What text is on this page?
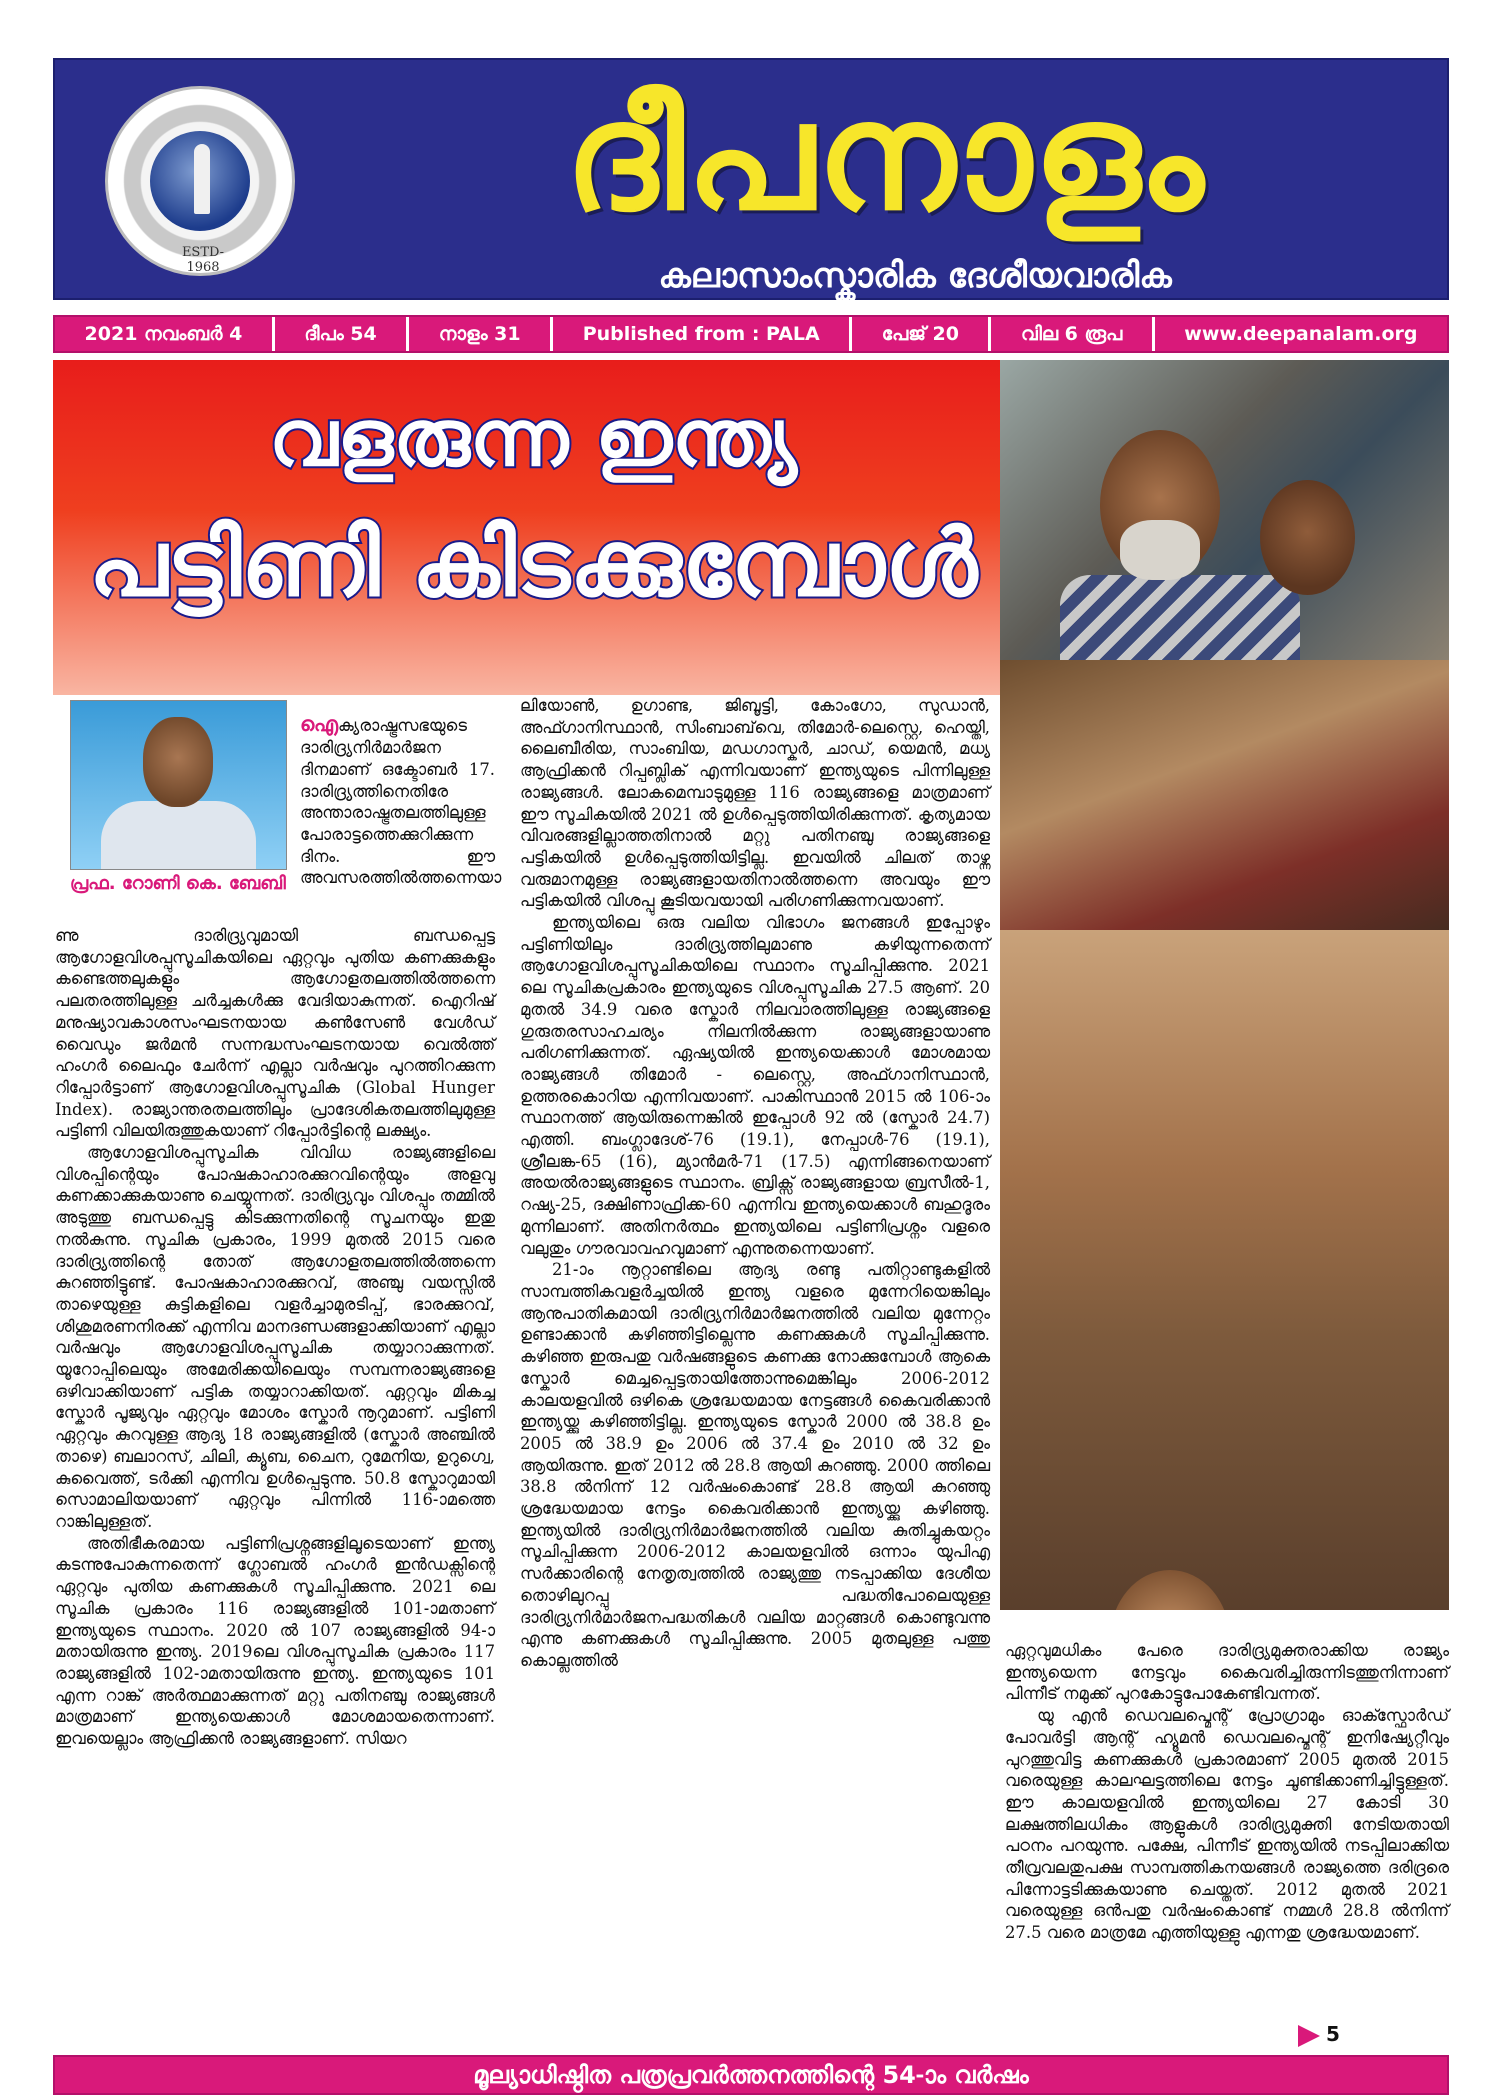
ESTD-1968
ദീപനാളം
കലാസാംസ്കാരിക ദേശീയവാരിക
2021 നവംബർ 4	ദീപം 54	നാളം 31	Published from : PALA	പേജ് 20	വില 6 രൂപ	www.deepanalam.org
വളരുന്ന ഇന്ത്യ
പട്ടിണി കിടക്കുമ്പോൾ
പ്രഫ. റോണി കെ. ബേബി

ഐക്യരാഷ്ട്രസഭയുടെ ദാരിദ്ര്യനിർമാർജന ദിനമാണ് ഒക്ടോബർ 17. ദാരിദ്ര്യത്തിനെതിരേ അന്താരാഷ്ട്രതലത്തിലുള്ള പോരാട്ടത്തെക്കുറിക്കുന്ന ദിനം. ഈ അവസരത്തിൽത്തന്നെയാ

ണു ദാരിദ്ര്യവുമായി ബന്ധപ്പെട്ട ആഗോളവിശപ്പുസൂചികയിലെ ഏറ്റവും പുതിയ കണക്കുകളും കണ്ടെത്തലുകളും ആഗോളതലത്തിൽത്തന്നെ പലതരത്തിലുള്ള ചർച്ചകൾക്കു വേദിയാകുന്നത്. ഐറിഷ് മനുഷ്യാവകാശസംഘടനയായ കൺസേൺ വേൾഡ് വൈഡും ജർമൻ സന്നദ്ധസംഘടനയായ വെൽത്ത് ഹംഗർ ലൈഫും ചേർന്ന് എല്ലാ വർഷവും പുറത്തിറക്കുന്ന റിപ്പോർട്ടാണ് ആഗോളവിശപ്പുസൂചിക (Global Hunger Index). രാജ്യാന്തരതലത്തിലും പ്രാദേശികതലത്തിലുമുള്ള പട്ടിണി വിലയിരുത്തുകയാണ് റിപ്പോർട്ടിന്റെ ലക്ഷ്യം.

ആഗോളവിശപ്പുസൂചിക വിവിധ രാജ്യങ്ങളിലെ വിശപ്പിന്റെയും പോഷകാഹാരക്കുറവിന്റെയും അളവു കണക്കാക്കുകയാണു ചെയ്യുന്നത്. ദാരിദ്ര്യവും വിശപ്പും തമ്മിൽ അടുത്തു ബന്ധപ്പെട്ടു കിടക്കുന്നതിന്റെ സൂചനയും ഇതു നൽകുന്നു. സൂചിക പ്രകാരം, 1999 മുതൽ 2015 വരെ ദാരിദ്ര്യത്തിന്റെ തോത് ആഗോളതലത്തിൽത്തന്നെ കുറഞ്ഞിട്ടുണ്ട്. പോഷകാഹാരക്കുറവ്, അഞ്ചു വയസ്സിൽ താഴെയുള്ള കുട്ടികളിലെ വളർച്ചാമുരടിപ്പ്, ഭാരക്കുറവ്, ശിശുമരണനിരക്ക് എന്നിവ മാനദണ്ഡങ്ങളാക്കിയാണ് എല്ലാ വർഷവും ആഗോളവിശപ്പുസൂചിക തയ്യാറാക്കുന്നത്. യൂറോപ്പിലെയും അമേരിക്കയിലെയും സമ്പന്നരാജ്യങ്ങളെ ഒഴിവാക്കിയാണ് പട്ടിക തയ്യാറാക്കിയത്. ഏറ്റവും മികച്ച സ്കോർ പൂജ്യവും ഏറ്റവും മോശം സ്കോർ നൂറുമാണ്. പട്ടിണി ഏറ്റവും കുറവുള്ള ആദ്യ 18 രാജ്യങ്ങളിൽ (സ്കോർ അഞ്ചിൽ താഴെ) ബലാറസ്, ചിലി, ക്യൂബ, ചൈന, റുമേനിയ, ഉറുഗ്വെ, കുവൈത്ത്, ടർക്കി എന്നിവ ഉൾപ്പെടുന്നു. 50.8 സ്കോറുമായി സൊമാലിയയാണ് ഏറ്റവും പിന്നിൽ 116-ാമത്തെ റാങ്കിലുള്ളത്.

അതിഭീകരമായ പട്ടിണിപ്രശ്നങ്ങളിലൂടെയാണ് ഇന്ത്യ കടന്നുപോകുന്നതെന്ന് ഗ്ലോബൽ ഹംഗർ ഇൻഡക്സിന്റെ ഏറ്റവും പുതിയ കണക്കുകൾ സൂചിപ്പിക്കുന്നു. 2021 ലെ സൂചിക പ്രകാരം 116 രാജ്യങ്ങളിൽ 101-ാമതാണ് ഇന്ത്യയുടെ സ്ഥാനം. 2020 ൽ 107 രാജ്യങ്ങളിൽ 94-ാമതായിരുന്നു ഇന്ത്യ. 2019ലെ വിശപ്പുസൂചിക പ്രകാരം 117 രാജ്യങ്ങളിൽ 102-ാമതായിരുന്നു ഇന്ത്യ. ഇന്ത്യയുടെ 101 എന്ന റാങ്ക് അർത്ഥമാക്കുന്നത് മറ്റു പതിനഞ്ചു രാജ്യങ്ങൾ മാത്രമാണ് ഇന്ത്യയെക്കാൾ മോശമായതെന്നാണ്. ഇവയെല്ലാം ആഫ്രിക്കൻ രാജ്യങ്ങളാണ്. സിയറ

ലിയോൺ, ഉഗാണ്ട, ജിബൂട്ടി, കോംഗോ, സുഡാൻ, അഫ്ഗാനിസ്ഥാൻ, സിംബാബ്‌വെ, തിമോർ-ലെസ്റ്റെ, ഹെയ്തി, ലൈബീരിയ, സാംബിയ, മഡഗാസ്കർ, ചാഡ്, യെമൻ, മധ്യ ആഫ്രിക്കൻ റിപ്പബ്ലിക് എന്നിവയാണ് ഇന്ത്യയുടെ പിന്നിലുള്ള രാജ്യങ്ങൾ. ലോകമെമ്പാടുമുള്ള 116 രാജ്യങ്ങളെ മാത്രമാണ് ഈ സൂചികയിൽ 2021 ൽ ഉൾപ്പെടുത്തിയിരിക്കുന്നത്. കൃത്യമായ വിവരങ്ങളില്ലാത്തതിനാൽ മറ്റു പതിനഞ്ചു രാജ്യങ്ങളെ പട്ടികയിൽ ഉൾപ്പെടുത്തിയിട്ടില്ല. ഇവയിൽ ചിലത് താഴ്ന്ന വരുമാനമുള്ള രാജ്യങ്ങളായതിനാൽത്തന്നെ അവയും ഈ പട്ടികയിൽ വിശപ്പു കൂടിയവയായി പരിഗണിക്കുന്നവയാണ്.

ഇന്ത്യയിലെ ഒരു വലിയ വിഭാഗം ജനങ്ങൾ ഇപ്പോഴും പട്ടിണിയിലും ദാരിദ്ര്യത്തിലുമാണു കഴിയുന്നതെന്ന് ആഗോളവിശപ്പുസൂചികയിലെ സ്ഥാനം സൂചിപ്പിക്കുന്നു. 2021 ലെ സൂചികപ്രകാരം ഇന്ത്യയുടെ വിശപ്പുസൂചിക 27.5 ആണ്. 20 മുതൽ 34.9 വരെ സ്കോർ നിലവാരത്തിലുള്ള രാജ്യങ്ങളെ ഗുരുതരസാഹചര്യം നിലനിൽക്കുന്ന രാജ്യങ്ങളായാണു പരിഗണിക്കുന്നത്. ഏഷ്യയിൽ ഇന്ത്യയെക്കാൾ മോശമായ രാജ്യങ്ങൾ തിമോർ - ലെസ്റ്റെ, അഫ്ഗാനിസ്ഥാൻ, ഉത്തരകൊറിയ എന്നിവയാണ്. പാകിസ്ഥാൻ 2015 ൽ 106-ാം സ്ഥാനത്ത് ആയിരുന്നെങ്കിൽ ഇപ്പോൾ 92 ൽ (സ്കോർ 24.7) എത്തി. ബംഗ്ലാദേശ്-76 (19.1), നേപ്പാൾ-76 (19.1), ശ്രീലങ്ക-65 (16), മ്യാൻമർ-71 (17.5) എന്നിങ്ങനെയാണ് അയൽരാജ്യങ്ങളുടെ സ്ഥാനം. ബ്രിക്സ് രാജ്യങ്ങളായ ബ്രസീൽ-1, റഷ്യ-25, ദക്ഷിണാഫ്രിക്ക-60 എന്നിവ ഇന്ത്യയെക്കാൾ ബഹുദൂരം മുന്നിലാണ്. അതിനർത്ഥം ഇന്ത്യയിലെ പട്ടിണിപ്രശ്നം വളരെ വലുതും ഗൗരവാവഹവുമാണ് എന്നുതന്നെയാണ്.

21-ാം നൂറ്റാണ്ടിലെ ആദ്യ രണ്ടു പതിറ്റാണ്ടുകളിൽ സാമ്പത്തികവളർച്ചയിൽ ഇന്ത്യ വളരെ മുന്നേറിയെങ്കിലും ആനുപാതികമായി ദാരിദ്ര്യനിർമാർജനത്തിൽ വലിയ മുന്നേറ്റം ഉണ്ടാക്കാൻ കഴിഞ്ഞിട്ടില്ലെന്നു കണക്കുകൾ സൂചിപ്പിക്കുന്നു. കഴിഞ്ഞ ഇരുപതു വർഷങ്ങളുടെ കണക്കു നോക്കുമ്പോൾ ആകെ സ്കോർ മെച്ചപ്പെട്ടതായിത്തോന്നുമെങ്കിലും 2006-2012 കാലയളവിൽ ഒഴികെ ശ്രദ്ധേയമായ നേട്ടങ്ങൾ കൈവരിക്കാൻ ഇന്ത്യയ്ക്കു കഴിഞ്ഞിട്ടില്ല. ഇന്ത്യയുടെ സ്കോർ 2000 ൽ 38.8 ഉം 2005 ൽ 38.9 ഉം 2006 ൽ 37.4 ഉം 2010 ൽ 32 ഉം ആയിരുന്നു. ഇത് 2012 ൽ 28.8 ആയി കുറഞ്ഞു. 2000 ത്തിലെ 38.8 ൽനിന്ന് 12 വർഷംകൊണ്ട് 28.8 ആയി കുറഞ്ഞു ശ്രദ്ധേയമായ നേട്ടം കൈവരിക്കാൻ ഇന്ത്യയ്ക്കു കഴിഞ്ഞു. ഇന്ത്യയിൽ ദാരിദ്ര്യനിർമാർജനത്തിൽ വലിയ കുതിച്ചുകയറ്റം സൂചിപ്പിക്കുന്ന 2006-2012 കാലയളവിൽ ഒന്നാം യുപിഎ സർക്കാരിന്റെ നേതൃത്വത്തിൽ രാജ്യത്തു നടപ്പാക്കിയ ദേശീയ തൊഴിലുറപ്പു പദ്ധതിപോലെയുള്ള ദാരിദ്ര്യനിർമാർജനപദ്ധതികൾ വലിയ മാറ്റങ്ങൾ കൊണ്ടുവന്നു എന്നു കണക്കുകൾ സൂചിപ്പിക്കുന്നു. 2005 മുതലുള്ള പത്തു കൊല്ലത്തിൽ

ഏറ്റവുമധികം പേരെ ദാരിദ്ര്യമുക്തരാക്കിയ രാജ്യം ഇന്ത്യയെന്ന നേട്ടവും കൈവരിച്ചിരുന്നിടത്തുനിന്നാണ് പിന്നീട് നമുക്ക് പുറകോട്ടുപോകേണ്ടിവന്നത്.

യു എൻ ഡെവലപ്മെന്റ് പ്രോഗ്രാമും ഓക്സ്ഫോർഡ് പോവർട്ടി ആന്റ് ഹ്യൂമൻ ഡെവലപ്മെന്റ് ഇനിഷ്യേറ്റീവും പുറത്തുവിട്ട കണക്കുകൾ പ്രകാരമാണ് 2005 മുതൽ 2015 വരെയുള്ള കാലഘട്ടത്തിലെ നേട്ടം ചൂണ്ടിക്കാണിച്ചിട്ടുള്ളത്. ഈ കാലയളവിൽ ഇന്ത്യയിലെ 27 കോടി 30 ലക്ഷത്തിലധികം ആളുകൾ ദാരിദ്ര്യമുക്തി നേടിയതായി പഠനം പറയുന്നു. പക്ഷേ, പിന്നീട് ഇന്ത്യയിൽ നടപ്പിലാക്കിയ തീവ്രവലതുപക്ഷ സാമ്പത്തികനയങ്ങൾ രാജ്യത്തെ ദരിദ്രരെ പിന്നോട്ടടിക്കുകയാണു ചെയ്തത്. 2012 മുതൽ 2021 വരെയുള്ള ഒൻപതു വർഷംകൊണ്ട് നമ്മൾ 28.8 ൽനിന്ന് 27.5 വരെ മാത്രമേ എത്തിയുള്ളു എന്നതു ശ്രദ്ധേയമാണ്.

5
മൂല്യാധിഷ്ഠിത പത്രപ്രവർത്തനത്തിന്റെ 54-ാം വർഷം
